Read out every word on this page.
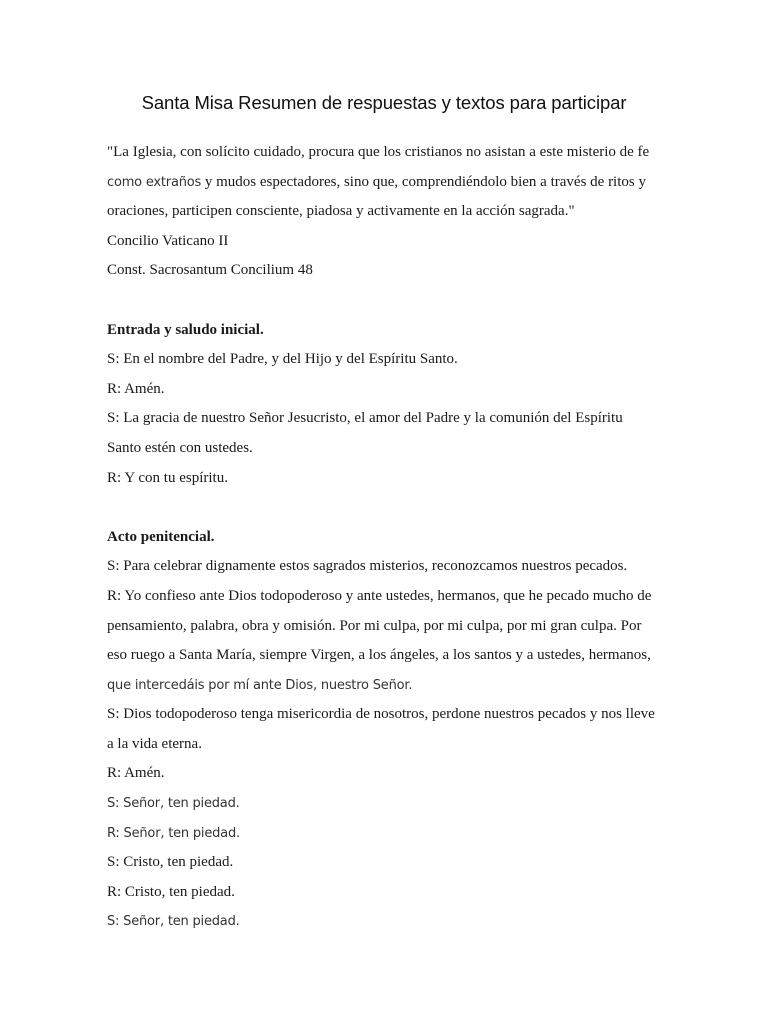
Santa Misa Resumen de respuestas y textos para participar
"La Iglesia, con solícito cuidado, procura que los cristianos no asistan a este misterio de fe
como extraños y mudos espectadores, sino que, comprendiéndolo bien a través de ritos y
oraciones, participen consciente, piadosa y activamente en la acción sagrada."
Concilio Vaticano II
Const. Sacrosantum Concilium 48
Entrada y saludo inicial.
S: En el nombre del Padre, y del Hijo y del Espíritu Santo.
R: Amén.
S: La gracia de nuestro Señor Jesucristo, el amor del Padre y la comunión del Espíritu
Santo estén con ustedes.
R: Y con tu espíritu.
Acto penitencial.
S: Para celebrar dignamente estos sagrados misterios, reconozcamos nuestros pecados.
R: Yo confieso ante Dios todopoderoso y ante ustedes, hermanos, que he pecado mucho de
pensamiento, palabra, obra y omisión. Por mi culpa, por mi culpa, por mi gran culpa. Por
eso ruego a Santa María, siempre Virgen, a los ángeles, a los santos y a ustedes, hermanos,
que intercedáis por mí ante Dios, nuestro Señor.
S: Dios todopoderoso tenga misericordia de nosotros, perdone nuestros pecados y nos lleve
a la vida eterna.
R: Amén.
S: Señor, ten piedad.
R: Señor, ten piedad.
S: Cristo, ten piedad.
R: Cristo, ten piedad.
S: Señor, ten piedad.
